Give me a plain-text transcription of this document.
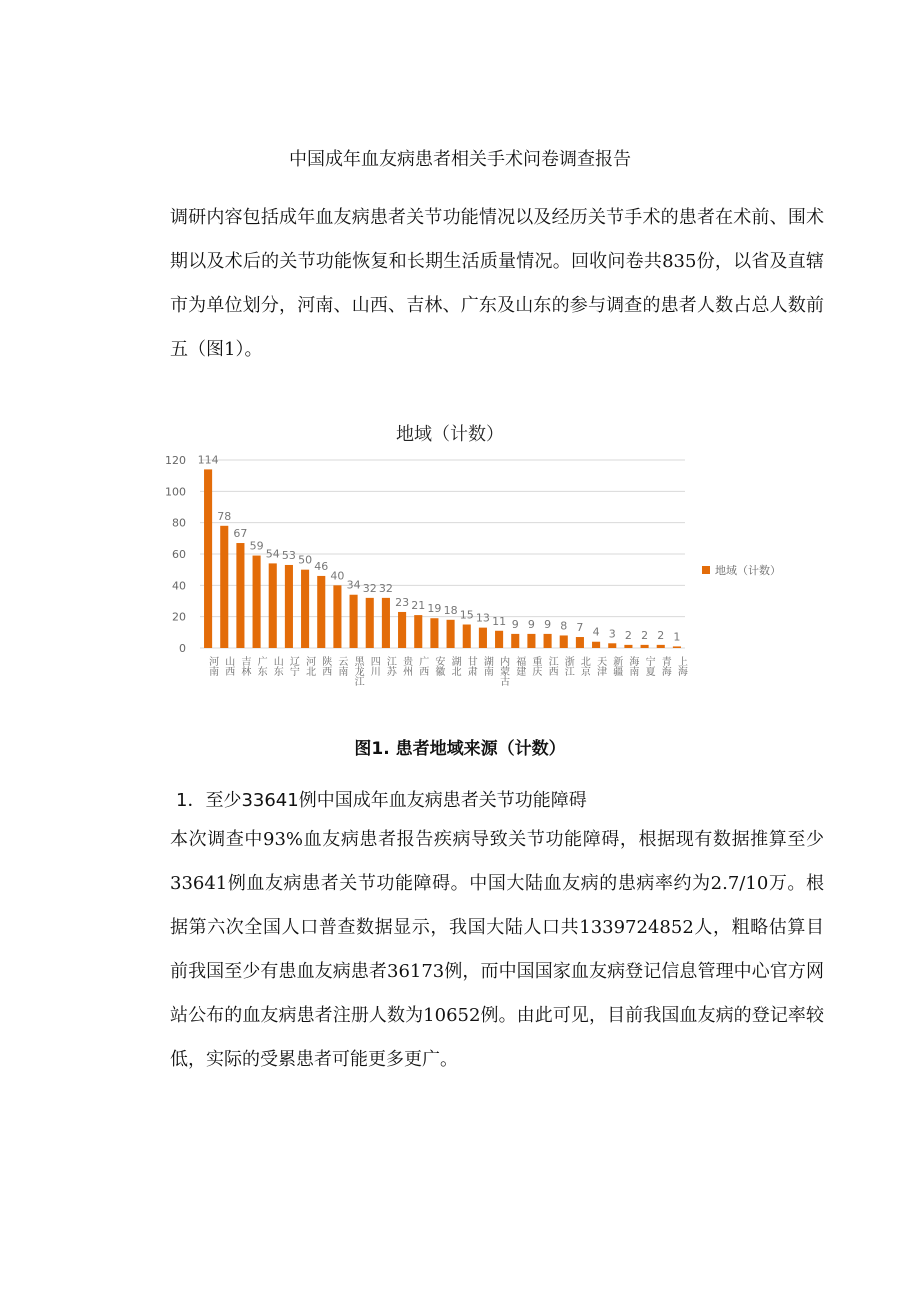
中国成年血友病患者相关手术问卷调查报告
调研内容包括成年血友病患者关节功能情况以及经历关节手术的患者在术前、围术期以及术后的关节功能恢复和长期生活质量情况。回收问卷共835份，以省及直辖市为单位划分，河南、山西、吉林、广东及山东的参与调查的患者人数占总人数前五（图1）。
地域（计数）
0
20
40
60
80
100
120 114
河南
78
山西
67
吉林
59
广东
54
山东
53
辽宁
50
河北
46
陕西
40
云南
34
黑龙江
32
四川
32
江苏
23
贵州
21
广西
19
安徽
18
湖北
15
甘肃
13
湖南
11
内蒙古
9
福建
9
重庆
9
江西
8
浙江
7
北京
4
天津
3
新疆
2
海南
2
宁夏
2
青海
1
上海
地域（计数）
图1. 患者地域来源（计数）
1．至少33641例中国成年血友病患者关节功能障碍
本次调查中93%血友病患者报告疾病导致关节功能障碍，根据现有数据推算至少33641例血友病患者关节功能障碍。中国大陆血友病的患病率约为2.7/10万。根据第六次全国人口普查数据显示，我国大陆人口共1339724852人，粗略估算目前我国至少有患血友病患者36173例，而中国国家血友病登记信息管理中心官方网站公布的血友病患者注册人数为10652例。由此可见，目前我国血友病的登记率较低，实际的受累患者可能更多更广。
